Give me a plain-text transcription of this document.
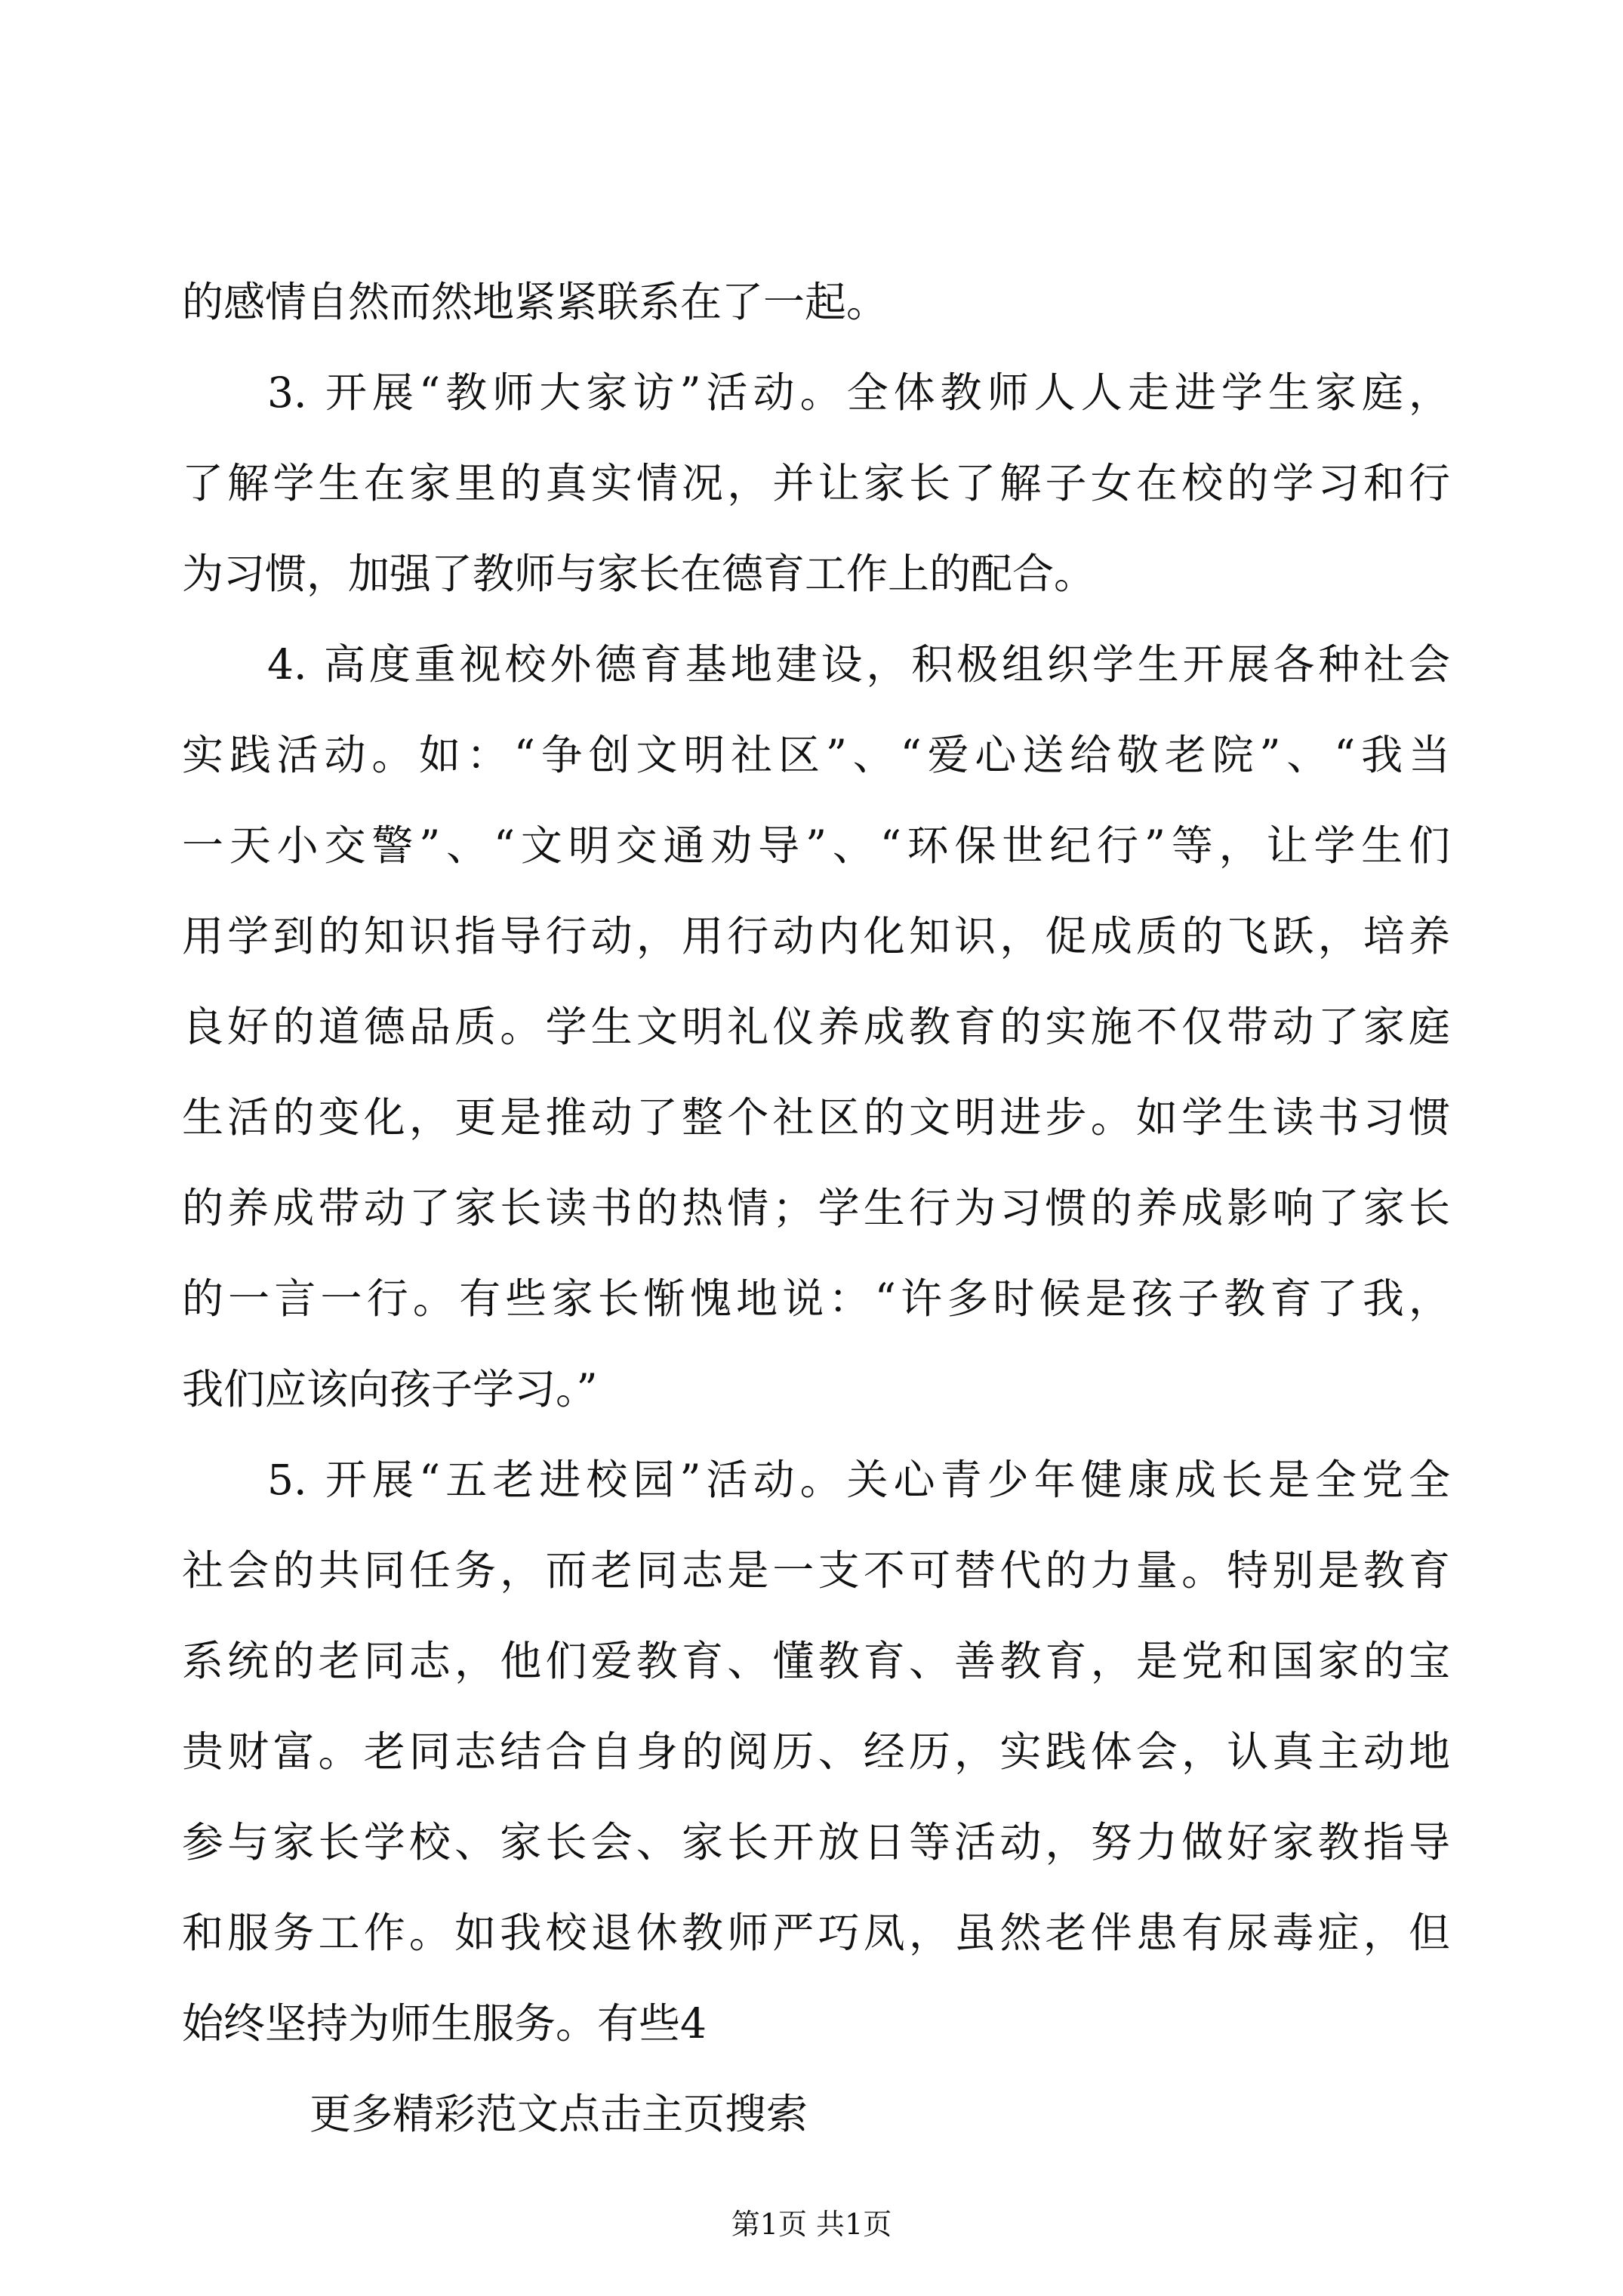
的感情自然而然地紧紧联系在了一起。
3. 开展“教师大家访”活动。全体教师人人走进学生家庭，
了解学生在家里的真实情况，并让家长了解子女在校的学习和行
为习惯，加强了教师与家长在德育工作上的配合。
4. 高度重视校外德育基地建设，积极组织学生开展各种社会
实践活动。如：“争创文明社区”、“爱心送给敬老院”、“我当
一天小交警”、“文明交通劝导”、“环保世纪行”等，让学生们
用学到的知识指导行动，用行动内化知识，促成质的飞跃，培养
良好的道德品质。学生文明礼仪养成教育的实施不仅带动了家庭
生活的变化，更是推动了整个社区的文明进步。如学生读书习惯
的养成带动了家长读书的热情；学生行为习惯的养成影响了家长
的一言一行。有些家长惭愧地说：“许多时候是孩子教育了我，
我们应该向孩子学习。”
5. 开展“五老进校园”活动。关心青少年健康成长是全党全
社会的共同任务，而老同志是一支不可替代的力量。特别是教育
系统的老同志，他们爱教育、懂教育、善教育，是党和国家的宝
贵财富。老同志结合自身的阅历、经历，实践体会，认真主动地
参与家长学校、家长会、家长开放日等活动，努力做好家教指导
和服务工作。如我校退休教师严巧凤，虽然老伴患有尿毒症，但
始终坚持为师生服务。有些4
更多精彩范文点击主页搜索
第1页 共1页
